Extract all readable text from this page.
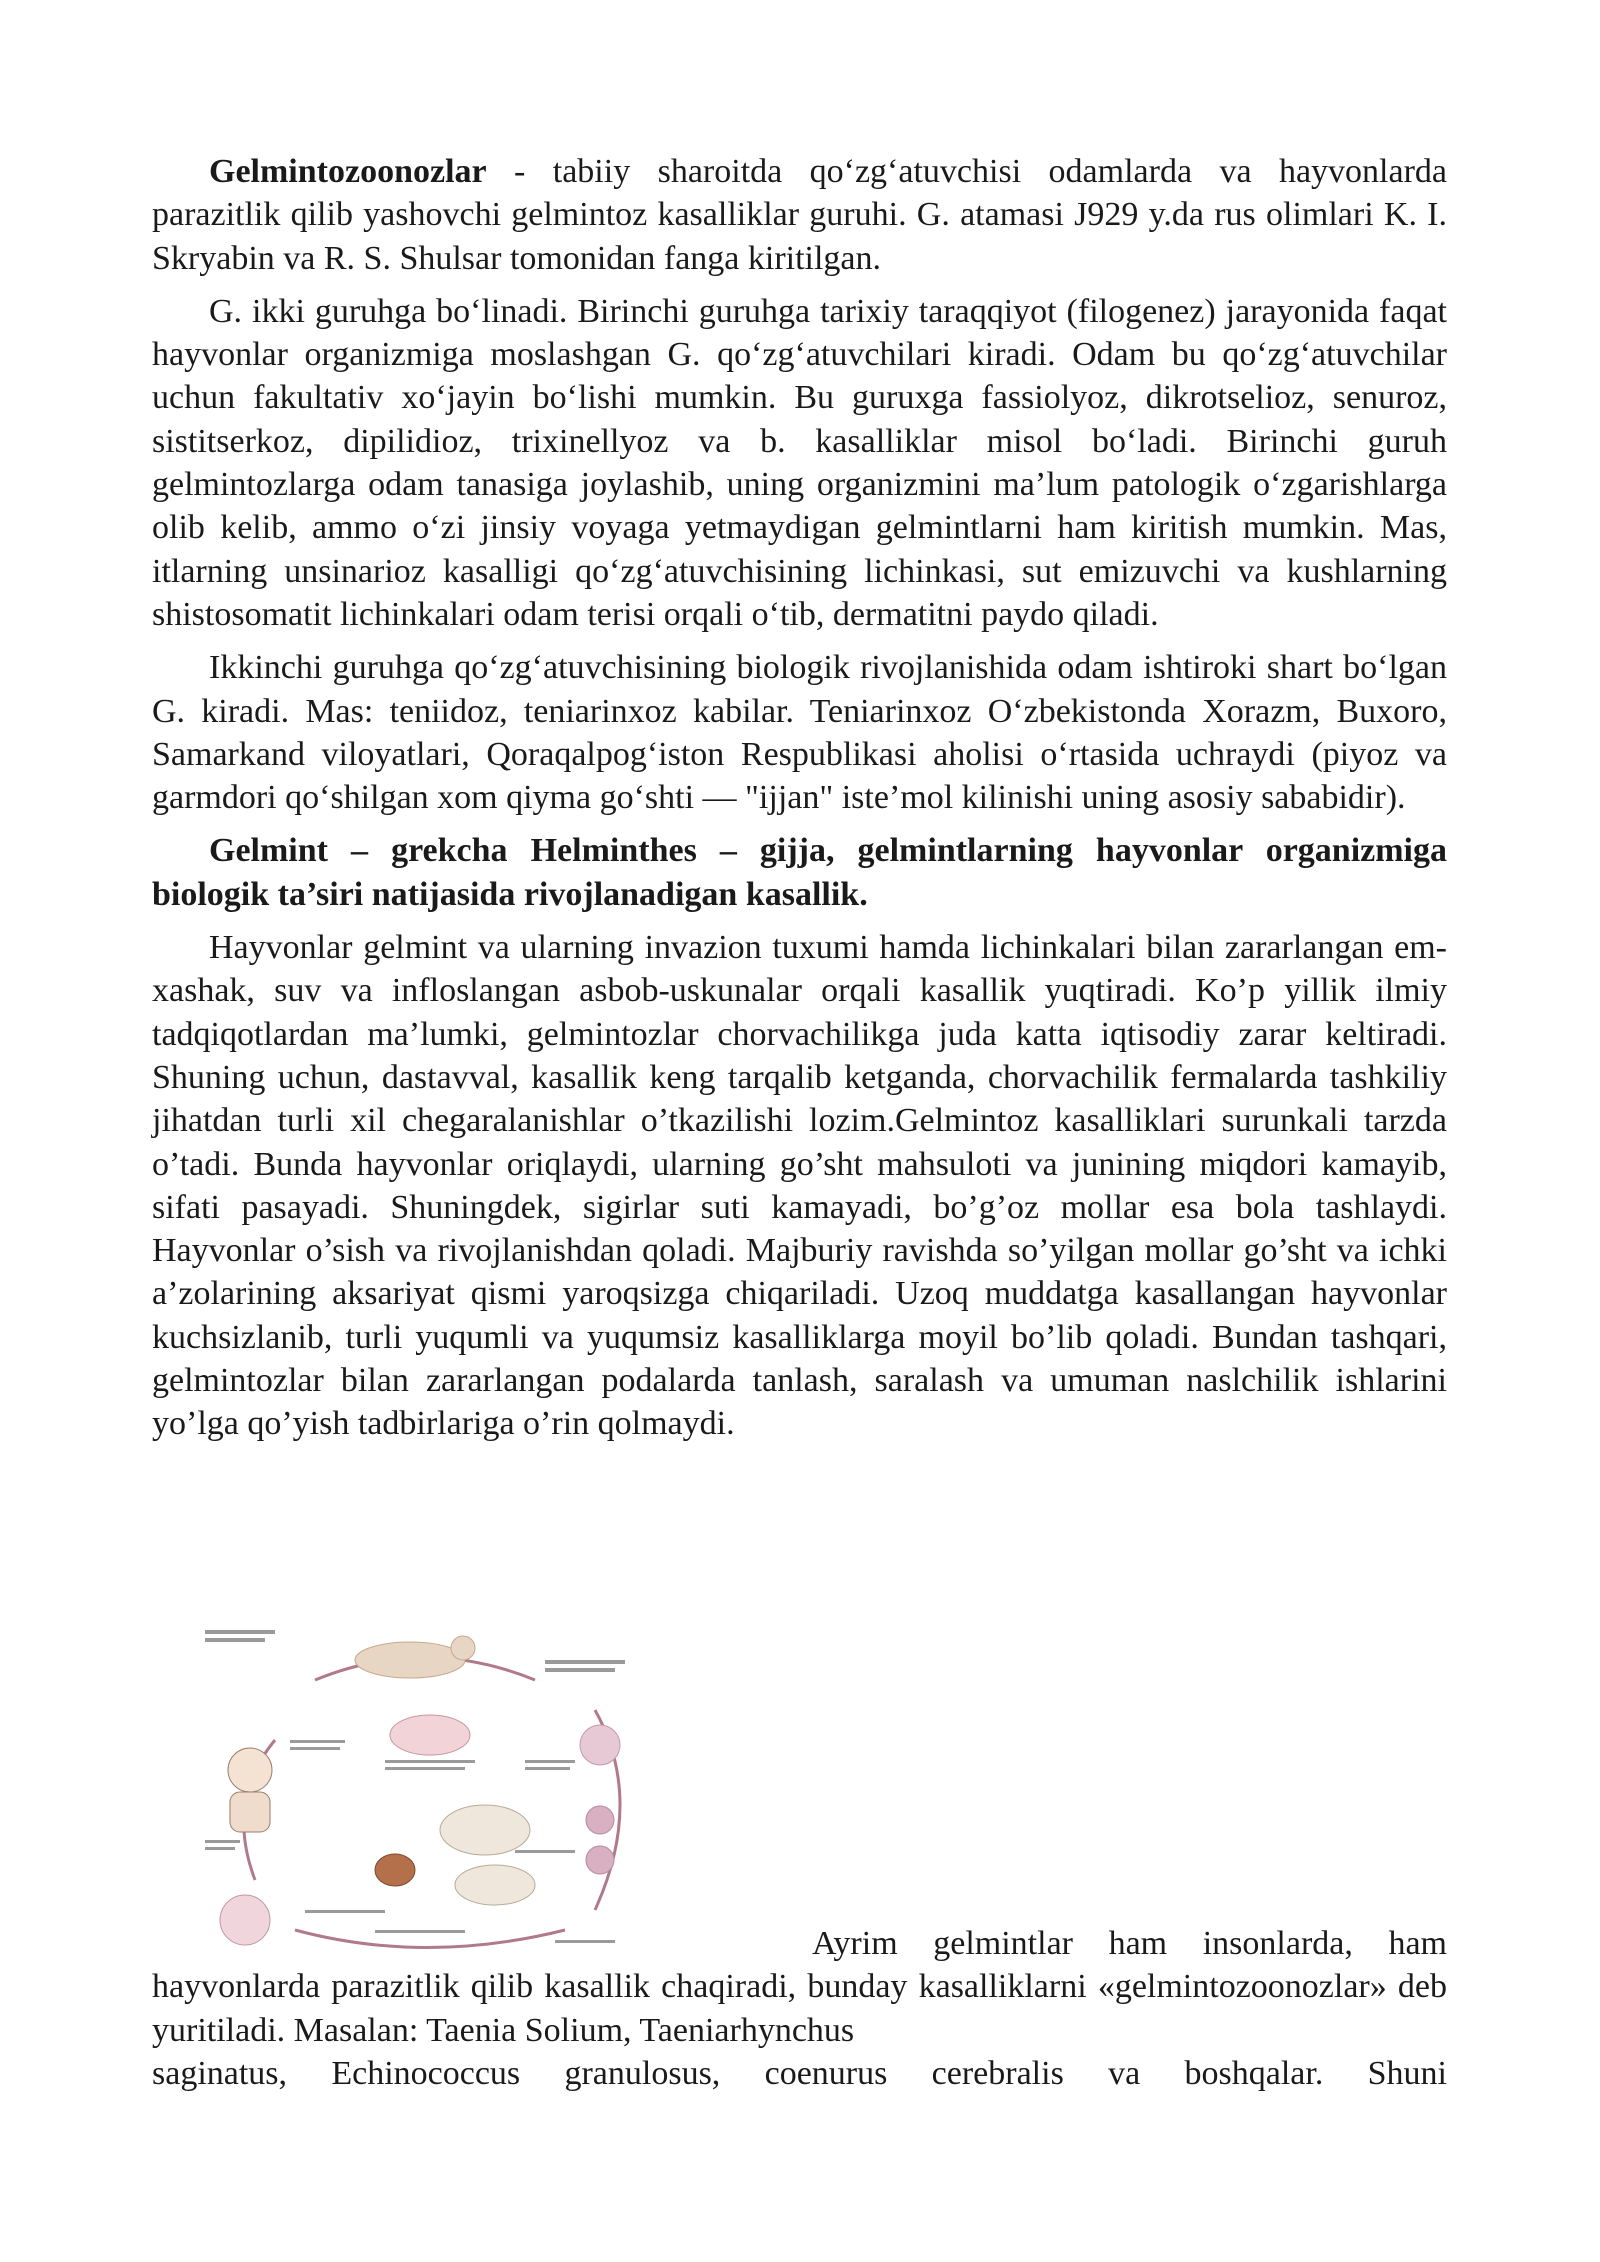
Gelmintozoonozlar - tabiiy sharoitda qo‘zg‘atuvchisi odamlarda va hayvonlarda parazitlik qilib yashovchi gelmintoz kasalliklar guruhi. G. atamasi J929 y.da rus olimlari K. I. Skryabin va R. S. Shulsar tomonidan fanga kiritilgan.

G. ikki guruhga bo‘linadi. Birinchi guruhga tarixiy taraqqiyot (filogenez) jarayonida faqat hayvonlar organizmiga moslashgan G. qo‘zg‘atuvchilari kiradi. Odam bu qo‘zg‘atuvchilar uchun fakultativ xo‘jayin bo‘lishi mumkin. Bu guruxga fassiolyoz, dikrotselioz, senuroz, sistitserkoz, dipilidioz, trixinellyoz va b. kasalliklar misol bo‘ladi. Birinchi guruh gelmintozlarga odam tanasiga joylashib, uning organizmini ma’lum patologik o‘zgarishlarga olib kelib, ammo o‘zi jinsiy voyaga yetmaydigan gelmintlarni ham kiritish mumkin. Mas, itlarning unsinarioz kasalligi qo‘zg‘atuvchisining lichinkasi, sut emizuvchi va kushlarning shistosomatit lichinkalari odam terisi orqali o‘tib, dermatitni paydo qiladi.

Ikkinchi guruhga qo‘zg‘atuvchisining biologik rivojlanishida odam ishtiroki shart bo‘lgan G. kiradi. Mas: teniidoz, teniarinxoz kabilar. Teniarinxoz O‘zbekistonda Xorazm, Buxoro, Samarkand viloyatlari, Qoraqalpog‘iston Respublikasi aholisi o‘rtasida uchraydi (piyoz va garmdori qo‘shilgan xom qiyma go‘shti — "ijjan" iste’mol kilinishi uning asosiy sababidir).

Gelmint – grekcha Helminthes – gijja, gelmintlarning hayvonlar organizmiga biologik ta’siri natijasida rivojlanadigan kasallik.

Hayvonlar gelmint va ularning invazion tuxumi hamda lichinkalari bilan zararlangan em-xashak, suv va infloslangan asbob-uskunalar orqali kasallik yuqtiradi. Ko’p yillik ilmiy tadqiqotlardan ma’lumki, gelmintozlar chorvachilikga juda katta iqtisodiy zarar keltiradi. Shuning uchun, dastavval, kasallik keng tarqalib ketganda, chorvachilik fermalarda tashkiliy jihatdan turli xil chegaralanishlar o’tkazilishi lozim.Gelmintoz kasalliklari surunkali tarzda o’tadi. Bunda hayvonlar oriqlaydi, ularning go’sht mahsuloti va junining miqdori kamayib, sifati pasayadi. Shuningdek, sigirlar suti kamayadi, bo’g’oz mollar esa bola tashlaydi. Hayvonlar o’sish va rivojlanishdan qoladi. Majburiy ravishda so’yilgan mollar go’sht va ichki a’zolarining aksariyat qismi yaroqsizga chiqariladi. Uzoq muddatga kasallangan hayvonlar kuchsizlanib, turli yuqumli va yuqumsiz kasalliklarga moyil bo’lib qoladi. Bundan tashqari, gelmintozlar bilan zararlangan podalarda tanlash, saralash va umuman naslchilik ishlarini yo’lga qo’yish tadbirlariga o’rin qolmaydi.

Ayrim gelmintlar ham insonlarda, ham
hayvonlarda parazitlik qilib kasallik chaqiradi, bunday kasalliklarni «gelmintozoonozlar» deb yuritiladi. Masalan: Taenia Solium, Taeniarhynchus
saginatus, Echinococcus granulosus, coenurus cerebralis va boshqalar. Shuni
